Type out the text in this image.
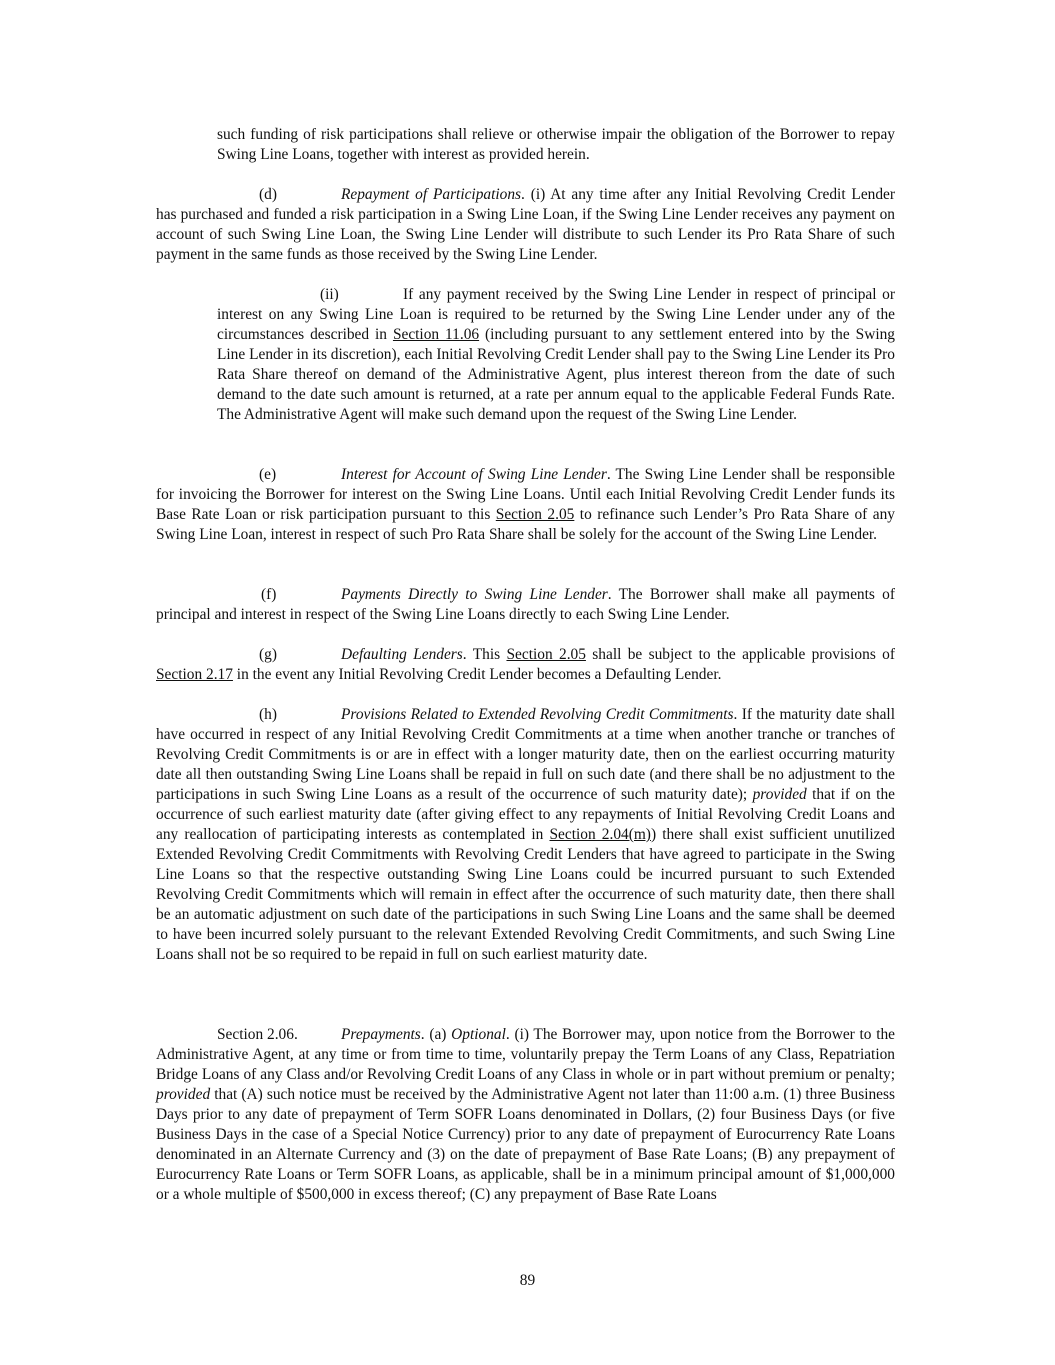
such funding of risk participations shall relieve or otherwise impair the obligation of the Borrower to repay Swing Line Loans, together with interest as provided herein.

(d)	Repayment of Participations. (i) At any time after any Initial Revolving Credit Lender has purchased and funded a risk participation in a Swing Line Loan, if the Swing Line Lender receives any payment on account of such Swing Line Loan, the Swing Line Lender will distribute to such Lender its Pro Rata Share of such payment in the same funds as those received by the Swing Line Lender.

(ii)	If any payment received by the Swing Line Lender in respect of principal or interest on any Swing Line Loan is required to be returned by the Swing Line Lender under any of the circumstances described in Section 11.06 (including pursuant to any settlement entered into by the Swing Line Lender in its discretion), each Initial Revolving Credit Lender shall pay to the Swing Line Lender its Pro Rata Share thereof on demand of the Administrative Agent, plus interest thereon from the date of such demand to the date such amount is returned, at a rate per annum equal to the applicable Federal Funds Rate. The Administrative Agent will make such demand upon the request of the Swing Line Lender.

(e)	Interest for Account of Swing Line Lender. The Swing Line Lender shall be responsible for invoicing the Borrower for interest on the Swing Line Loans. Until each Initial Revolving Credit Lender funds its Base Rate Loan or risk participation pursuant to this Section 2.05 to refinance such Lender’s Pro Rata Share of any Swing Line Loan, interest in respect of such Pro Rata Share shall be solely for the account of the Swing Line Lender.

(f)	Payments Directly to Swing Line Lender. The Borrower shall make all payments of principal and interest in respect of the Swing Line Loans directly to each Swing Line Lender.

(g)	Defaulting Lenders. This Section 2.05 shall be subject to the applicable provisions of Section 2.17 in the event any Initial Revolving Credit Lender becomes a Defaulting Lender.

(h)	Provisions Related to Extended Revolving Credit Commitments. If the maturity date shall have occurred in respect of any Initial Revolving Credit Commitments at a time when another tranche or tranches of Revolving Credit Commitments is or are in effect with a longer maturity date, then on the earliest occurring maturity date all then outstanding Swing Line Loans shall be repaid in full on such date (and there shall be no adjustment to the participations in such Swing Line Loans as a result of the occurrence of such maturity date); provided that if on the occurrence of such earliest maturity date (after giving effect to any repayments of Initial Revolving Credit Loans and any reallocation of participating interests as contemplated in Section 2.04(m)) there shall exist sufficient unutilized Extended Revolving Credit Commitments with Revolving Credit Lenders that have agreed to participate in the Swing Line Loans so that the respective outstanding Swing Line Loans could be incurred pursuant to such Extended Revolving Credit Commitments which will remain in effect after the occurrence of such maturity date, then there shall be an automatic adjustment on such date of the participations in such Swing Line Loans and the same shall be deemed to have been incurred solely pursuant to the relevant Extended Revolving Credit Commitments, and such Swing Line Loans shall not be so required to be repaid in full on such earliest maturity date.

Section 2.06.	Prepayments. (a) Optional. (i) The Borrower may, upon notice from the Borrower to the Administrative Agent, at any time or from time to time, voluntarily prepay the Term Loans of any Class, Repatriation Bridge Loans of any Class and/or Revolving Credit Loans of any Class in whole or in part without premium or penalty; provided that (A) such notice must be received by the Administrative Agent not later than 11:00 a.m. (1) three Business Days prior to any date of prepayment of Term SOFR Loans denominated in Dollars, (2) four Business Days (or five Business Days in the case of a Special Notice Currency) prior to any date of prepayment of Eurocurrency Rate Loans denominated in an Alternate Currency and (3) on the date of prepayment of Base Rate Loans; (B) any prepayment of Eurocurrency Rate Loans or Term SOFR Loans, as applicable, shall be in a minimum principal amount of $1,000,000 or a whole multiple of $500,000 in excess thereof; (C) any prepayment of Base Rate Loans

89
